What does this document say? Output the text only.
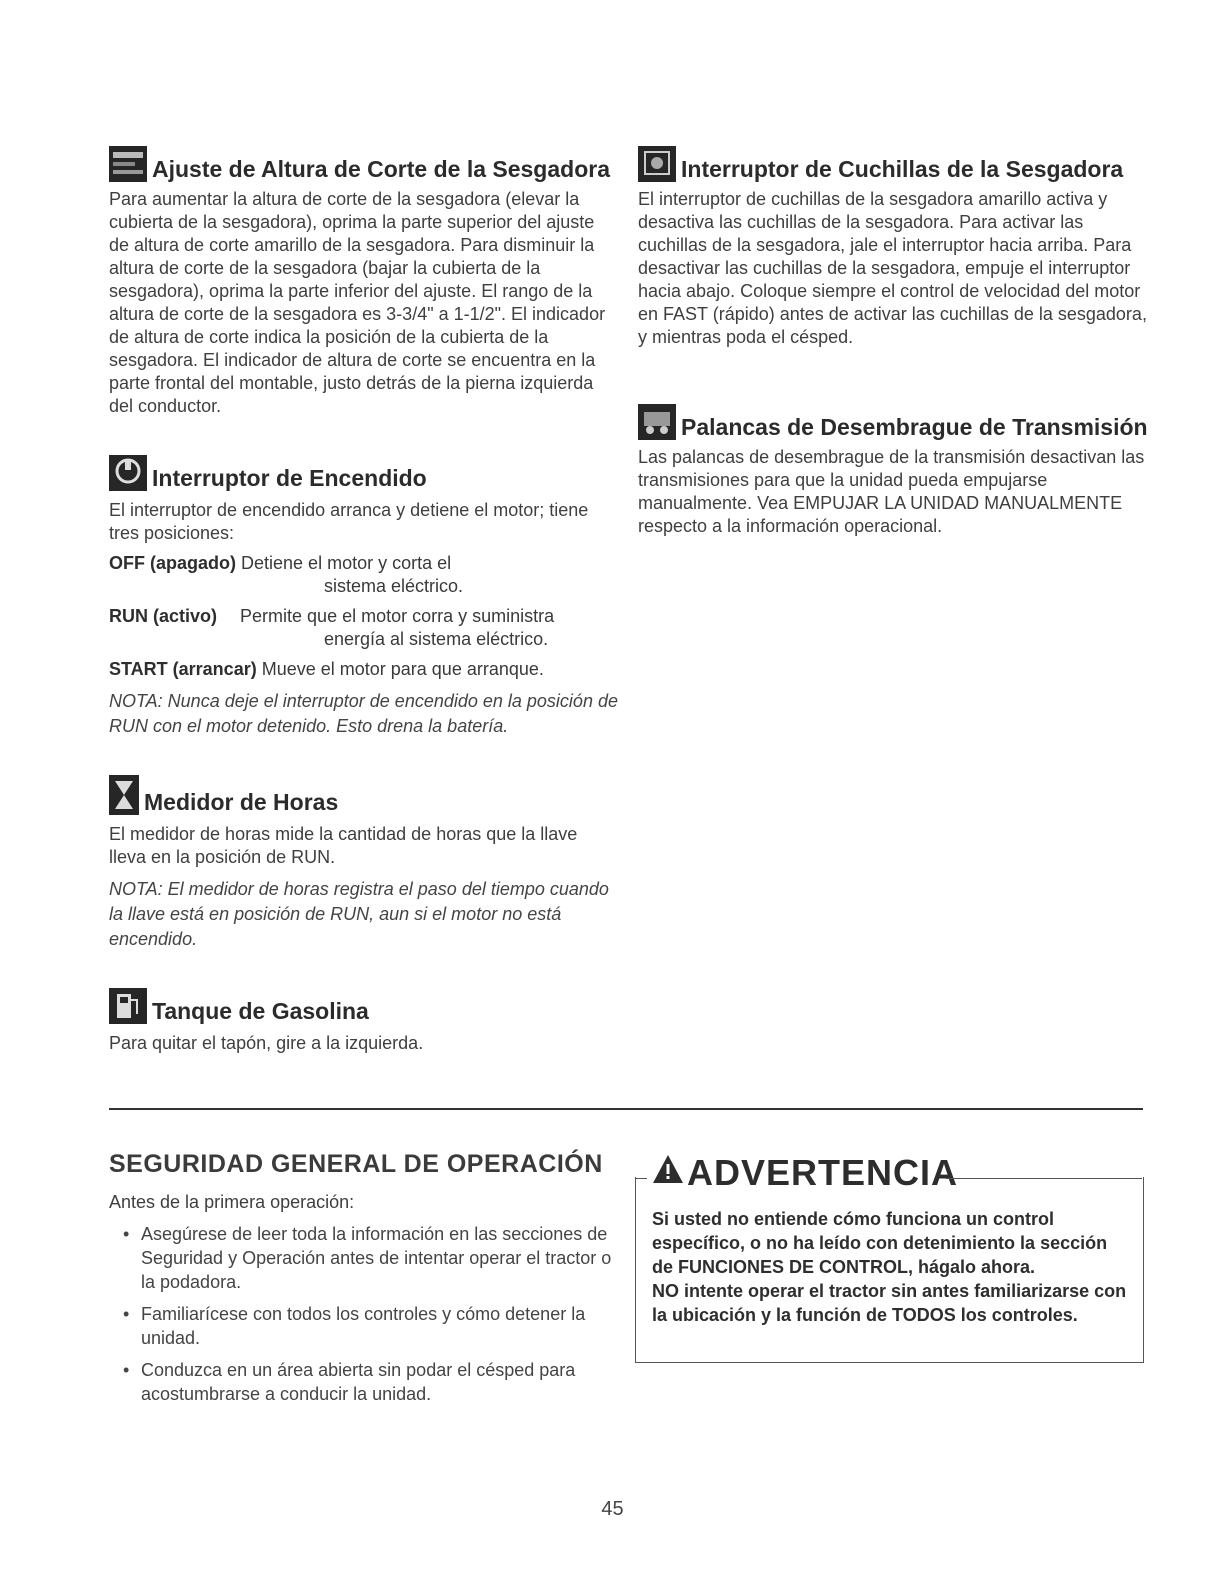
Ajuste de Altura de Corte de la Sesgadora

Para aumentar la altura de corte de la sesgadora (elevar la cubierta de la sesgadora), oprima la parte superior del ajuste de altura de corte amarillo de la sesgadora. Para disminuir la altura de corte de la sesgadora (bajar la cubierta de la sesgadora), oprima la parte inferior del ajuste. El rango de la altura de corte de la sesgadora es 3-3/4" a 1-1/2". El indicador de altura de corte indica la posición de la cubierta de la sesgadora. El indicador de altura de corte se encuentra en la parte frontal del montable, justo detrás de la pierna izquierda del conductor.

Interruptor de Encendido

El interruptor de encendido arranca y detiene el motor; tiene tres posiciones:

OFF (apagado) Detiene el motor y corta el
sistema eléctrico.
RUN (activo) Permite que el motor corra y suministra
energía al sistema eléctrico.
START (arrancar) Mueve el motor para que arranque.

NOTA: Nunca deje el interruptor de encendido en la posición de RUN con el motor detenido. Esto drena la batería.

Medidor de Horas

El medidor de horas mide la cantidad de horas que la llave lleva en la posición de RUN.

NOTA: El medidor de horas registra el paso del tiempo cuando la llave está en posición de RUN, aun si el motor no está encendido.

Tanque de Gasolina

Para quitar el tapón, gire a la izquierda.

Interruptor de Cuchillas de la Sesgadora

El interruptor de cuchillas de la sesgadora amarillo activa y desactiva las cuchillas de la sesgadora. Para activar las cuchillas de la sesgadora, jale el interruptor hacia arriba. Para desactivar las cuchillas de la sesgadora, empuje el interruptor hacia abajo. Coloque siempre el control de velocidad del motor en FAST (rápido) antes de activar las cuchillas de la sesgadora, y mientras poda el césped.

Palancas de Desembrague de Transmisión

Las palancas de desembrague de la transmisión desactivan las transmisiones para que la unidad pueda empujarse manualmente. Vea EMPUJAR LA UNIDAD MANUALMENTE respecto a la información operacional.

SEGURIDAD GENERAL DE OPERACIÓN

Antes de la primera operación:

• Asegúrese de leer toda la información en las secciones de Seguridad y Operación antes de intentar operar el tractor o la podadora.
• Familiarícese con todos los controles y cómo detener la unidad.
• Conduzca en un área abierta sin podar el césped para acostumbrarse a conducir la unidad.
ADVERTENCIA

Si usted no entiende cómo funciona un control específico, o no ha leído con detenimiento la sección de FUNCIONES DE CONTROL, hágalo ahora.

NO intente operar el tractor sin antes familiarizarse con la ubicación y la función de TODOS los controles.

45
